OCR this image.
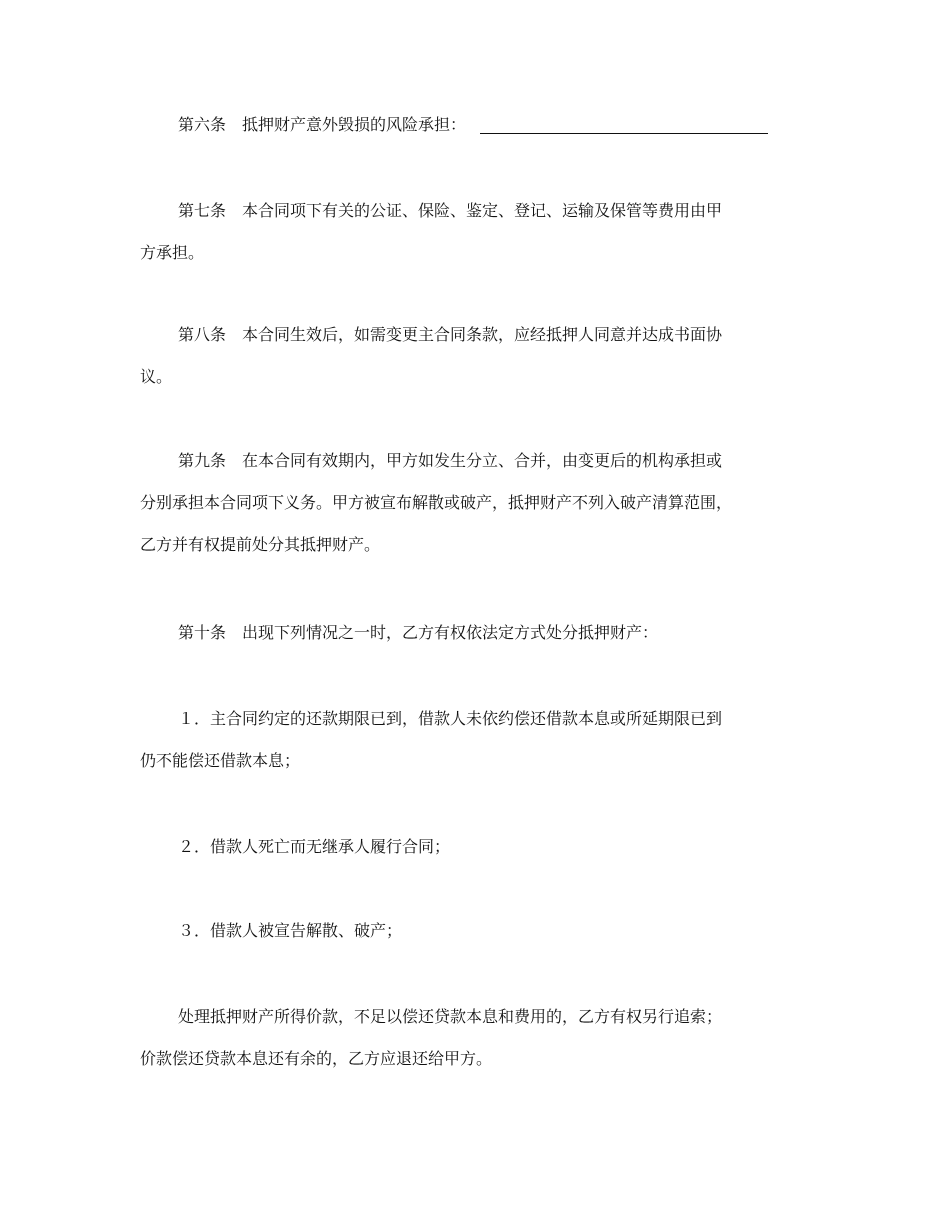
第六条 抵押财产意外毁损的风险承担：

第七条 本合同项下有关的公证、保险、鉴定、登记、运输及保管等费用由甲
方承担。

第八条 本合同生效后，如需变更主合同条款，应经抵押人同意并达成书面协
议。

第九条 在本合同有效期内，甲方如发生分立、合并，由变更后的机构承担或
分别承担本合同项下义务。甲方被宣布解散或破产，抵押财产不列入破产清算范围，
乙方并有权提前处分其抵押财产。

第十条 出现下列情况之一时，乙方有权依法定方式处分抵押财产：

１．主合同约定的还款期限已到，借款人未依约偿还借款本息或所延期限已到
仍不能偿还借款本息；

２．借款人死亡而无继承人履行合同；

３．借款人被宣告解散、破产；

处理抵押财产所得价款，不足以偿还贷款本息和费用的，乙方有权另行追索；
价款偿还贷款本息还有余的，乙方应退还给甲方。
